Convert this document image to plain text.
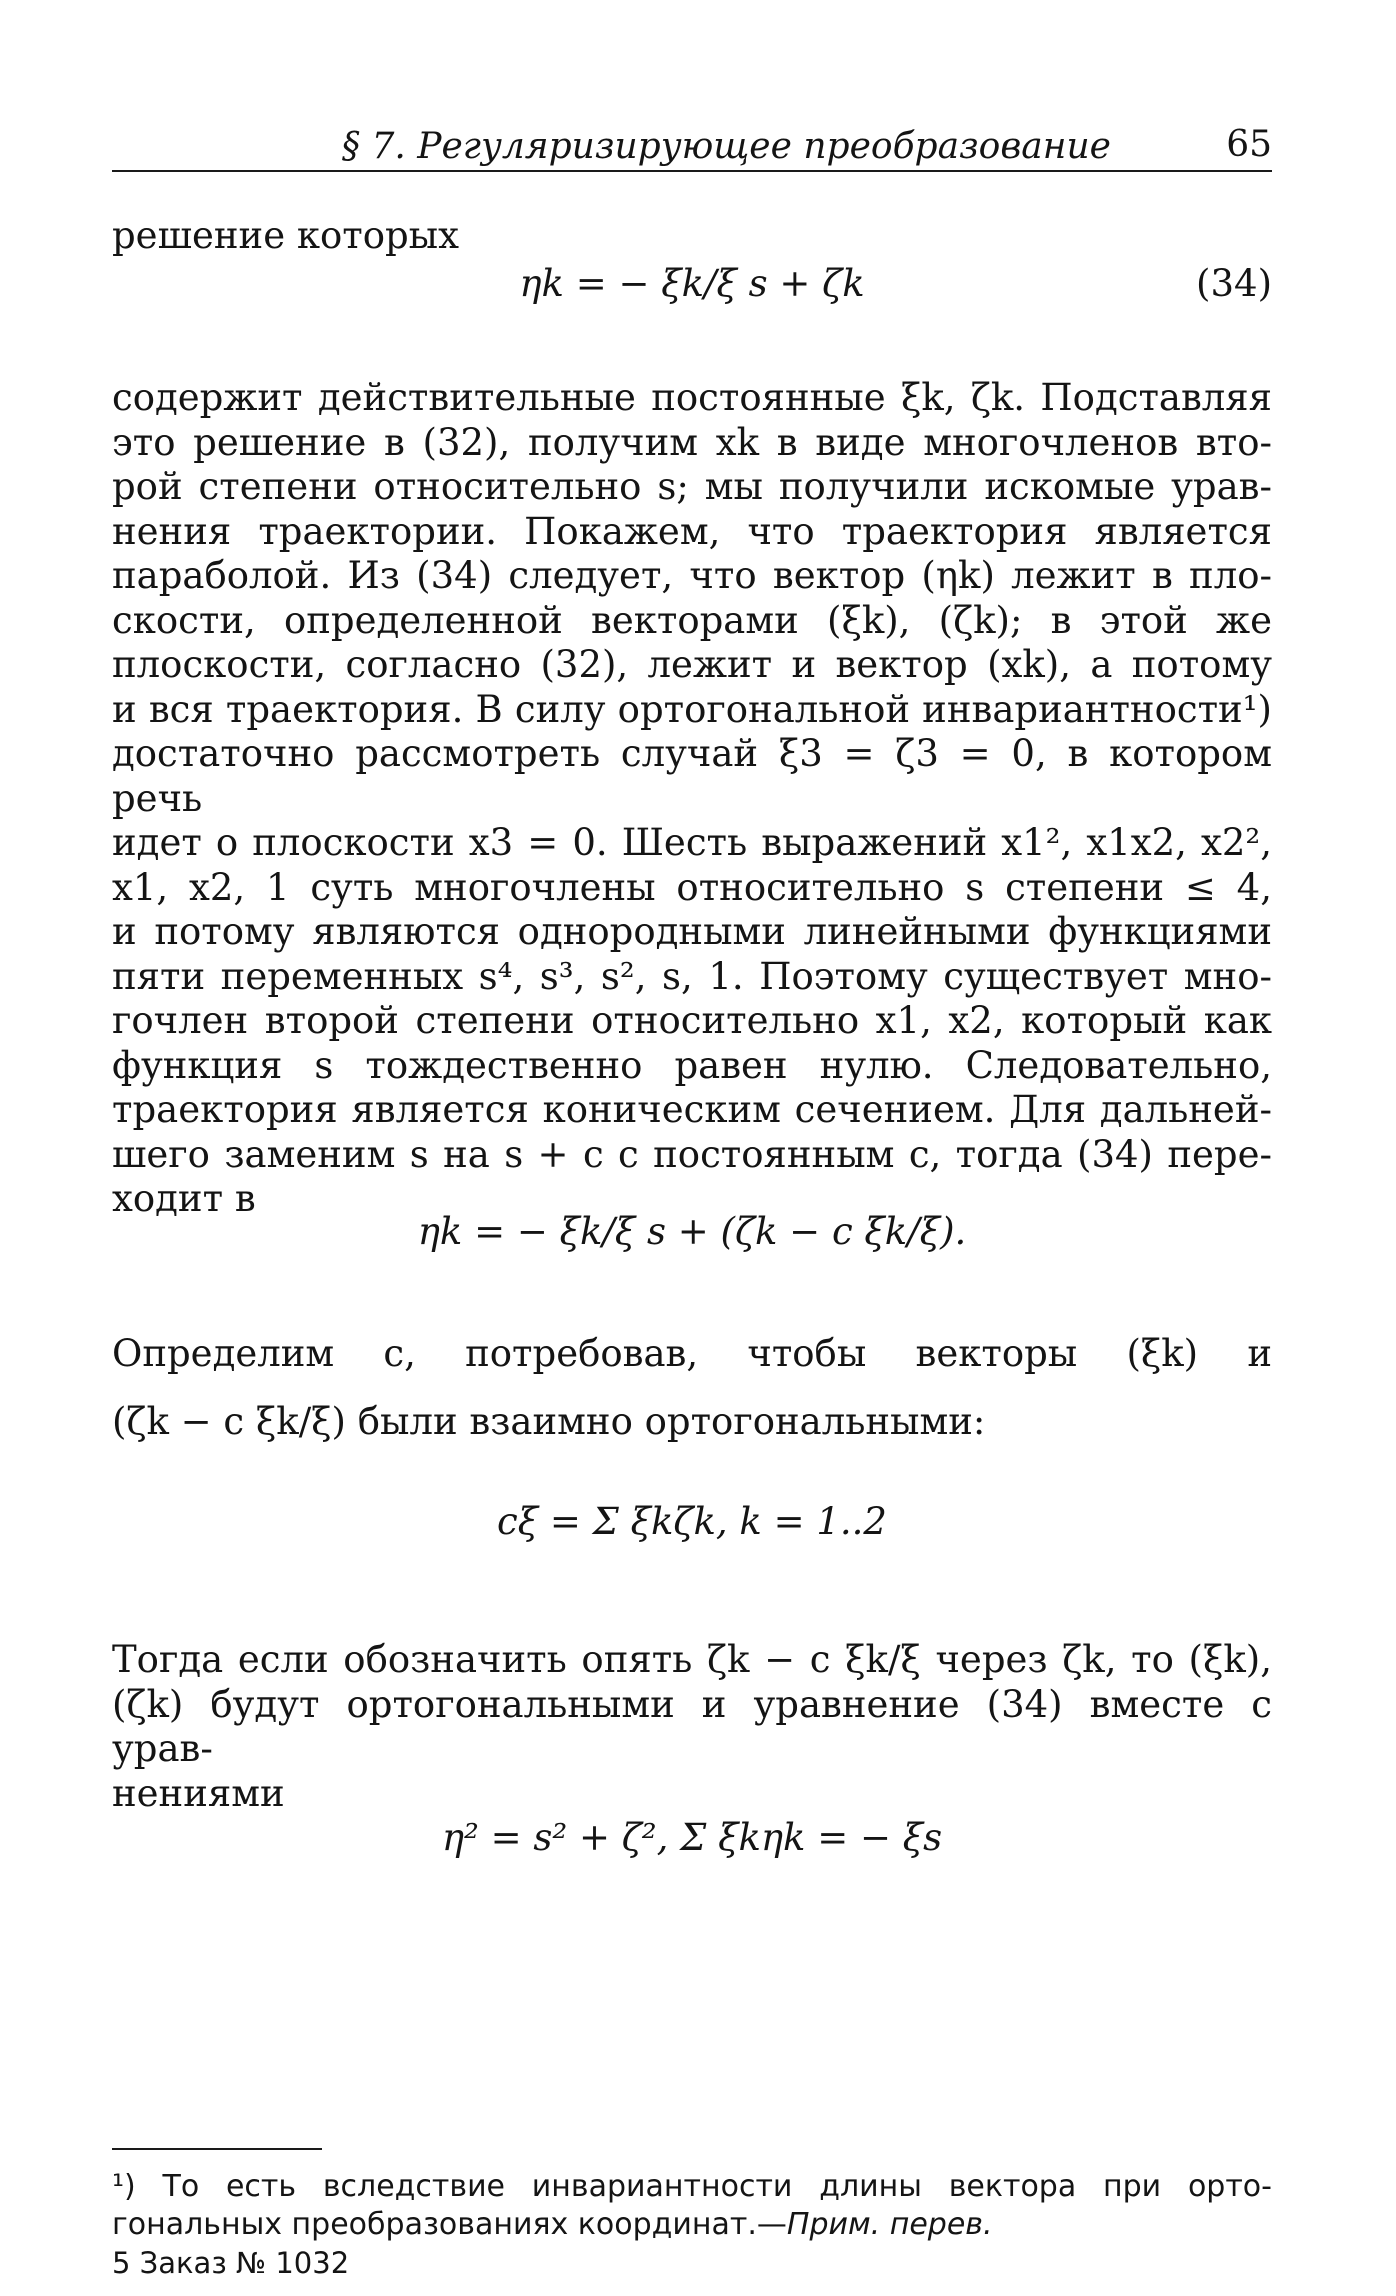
§ 7. Регуляризирующее преобразование	65

решение которых

ηk = − ξk/ξ s + ζk	(34)

содержит действительные постоянные ξk, ζk. Подставляя
это решение в (32), получим xk в виде многочленов вто-
рой степени относительно s; мы получили искомые урав-
нения траектории. Покажем, что траектория является
параболой. Из (34) следует, что вектор (ηk) лежит в пло-
скости, определенной векторами (ξk), (ζk); в этой же
плоскости, согласно (32), лежит и вектор (xk), а потому
и вся траектория. В силу ортогональной инвариантности¹)
достаточно рассмотреть случай ξ3 = ζ3 = 0, в котором речь
идет о плоскости x3 = 0. Шесть выражений x1², x1x2, x2²,
x1, x2, 1 суть многочлены относительно s степени ≤ 4,
и потому являются однородными линейными функциями
пяти переменных s⁴, s³, s², s, 1. Поэтому существует мно-
гочлен второй степени относительно x1, x2, который как
функция s тождественно равен нулю. Следовательно,
траектория является коническим сечением. Для дальней-
шего заменим s на s + c с постоянным c, тогда (34) пере-
ходит в

ηk = − ξk/ξ s + (ζk − c ξk/ξ).

Определим c, потребовав, чтобы векторы (ξk) и
(ζk − c ξk/ξ) были взаимно ортогональными:

cξ = Σ ξkζk, k = 1..2

Тогда если обозначить опять ζk − c ξk/ξ через ζk, то (ξk),
(ζk) будут ортогональными и уравнение (34) вместе с урав-
нениями

η² = s² + ζ², Σ ξkηk = − ξs

¹) То есть вследствие инвариантности длины вектора при орто-
гональных преобразованиях координат.—Прим. перев.

5 Заказ № 1032
